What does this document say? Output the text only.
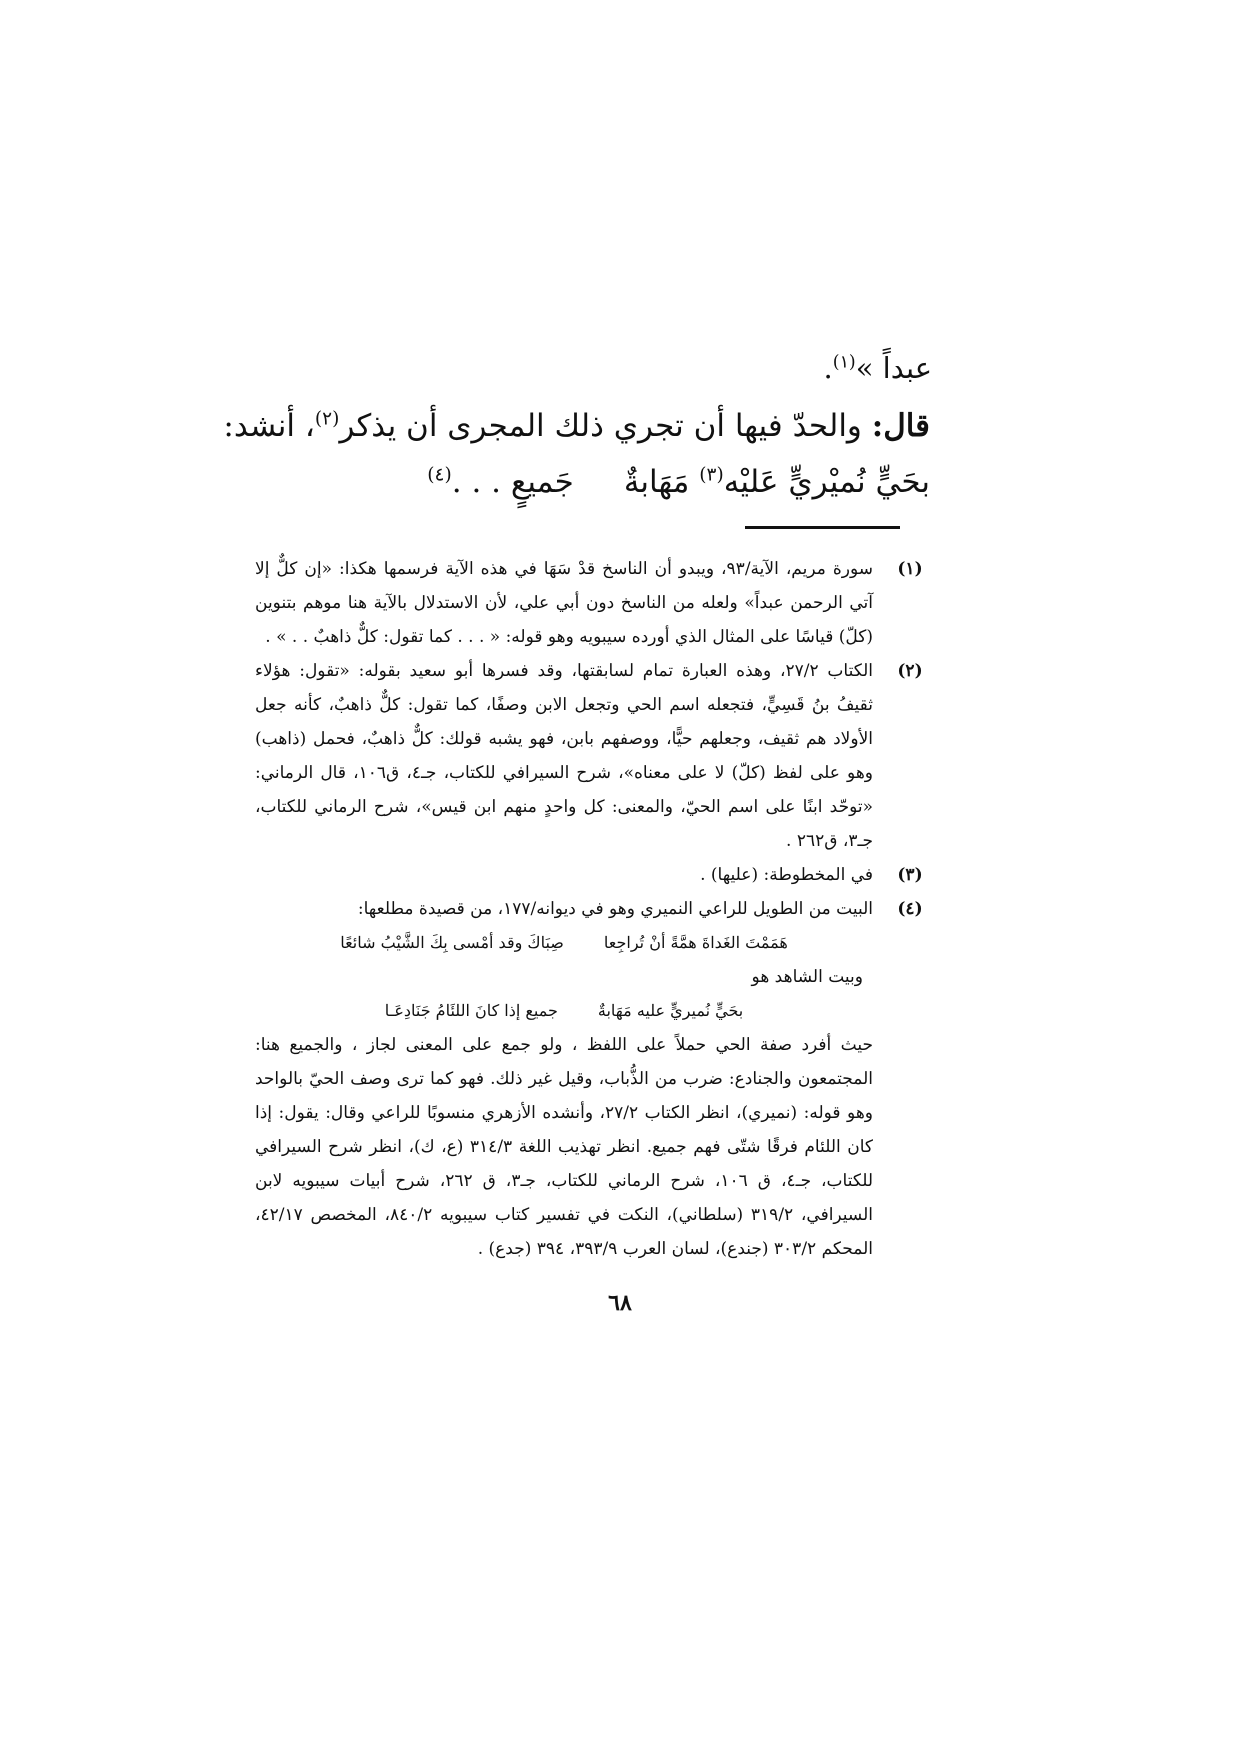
عبداً »$^{(١)}$.
قال: والحدّ فيها أن تجري ذلك المجرى أن يذكر$^{(٢)}$، أنشد:
بحَيٍّ نُميْريٍّ عَليْه$^{(٣)}$ مَهَابةٌجَميعٍ . . .$^{(٤)}$
(١)

سورة مريم، الآية/٩٣، ويبدو أن الناسخ قدْ سَهَا في هذه الآية فرسمها هكذا: «إن كلٌّ إلا آتي الرحمن عبداً» ولعله من الناسخ دون أبي علي، لأن الاستدلال بالآية هنا موهم بتنوين (كلّ) قياسًا على المثال الذي أورده سيبويه وهو قوله: « . . . كما تقول: كلٌّ ذاهبٌ . . » .

(٢)

الكتاب ٢٧/٢، وهذه العبارة تمام لسابقتها، وقد فسرها أبو سعيد بقوله: «تقول: هؤلاء ثقيفُ بنُ قَسِيٍّ، فتجعله اسم الحي وتجعل الابن وصفًا، كما تقول: كلٌّ ذاهبٌ، كأنه جعل الأولاد هم ثقيف، وجعلهم حيًّا، ووصفهم بابن، فهو يشبه قولك: كلٌّ ذاهبٌ، فحمل (ذاهب) وهو على لفظ (كلّ) لا على معناه»، شرح السيرافي للكتاب، جـ٤، ق١٠٦، قال الرماني: «توحّد ابنًا على اسم الحيّ، والمعنى: كل واحدٍ منهم ابن قيس»، شرح الرماني للكتاب، جـ٣، ق٢٦٢ .

(٣)

في المخطوطة: (عليها) .

(٤)

البيت من الطويل للراعي النميري وهو في ديوانه/١٧٧، من قصيدة مطلعها:

هَمَمْتَ الغَداةَ همَّةً أنْ تُراجِعا
صِبَاكَ وقد أمْسى بِكَ الشَّيْبُ شائعًا

وبيت الشاهد هو

بحَيٍّ نُميريٍّ عليه مَهَابةٌ
جميع إذا كانَ اللئَامُ جَنَادِعَـا

حيث أفرد صفة الحي حملاً على اللفظ ، ولو جمع على المعنى لجاز ، والجميع هنا: المجتمعون والجنادع: ضرب من الذُّباب، وقيل غير ذلك. فهو كما ترى وصف الحيّ بالواحد وهو قوله: (نميري)، انظر الكتاب ٢٧/٢، وأنشده الأزهري منسوبًا للراعي وقال: يقول: إذا كان اللئام فرقًا شتّى فهم جميع. انظر تهذيب اللغة ٣١٤/٣ (ع، ك)، انظر شرح السيرافي للكتاب، جـ٤، ق ١٠٦، شرح الرماني للكتاب، جـ٣، ق ٢٦٢، شرح أبيات سيبويه لابن السيرافي، ٣١٩/٢ (سلطاني)، النكت في تفسير كتاب سيبويه ٨٤٠/٢، المخصص ٤٢/١٧، المحكم ٣٠٣/٢ (جندع)، لسان العرب ٣٩٣/٩، ٣٩٤ (جدع) .

٦٨
